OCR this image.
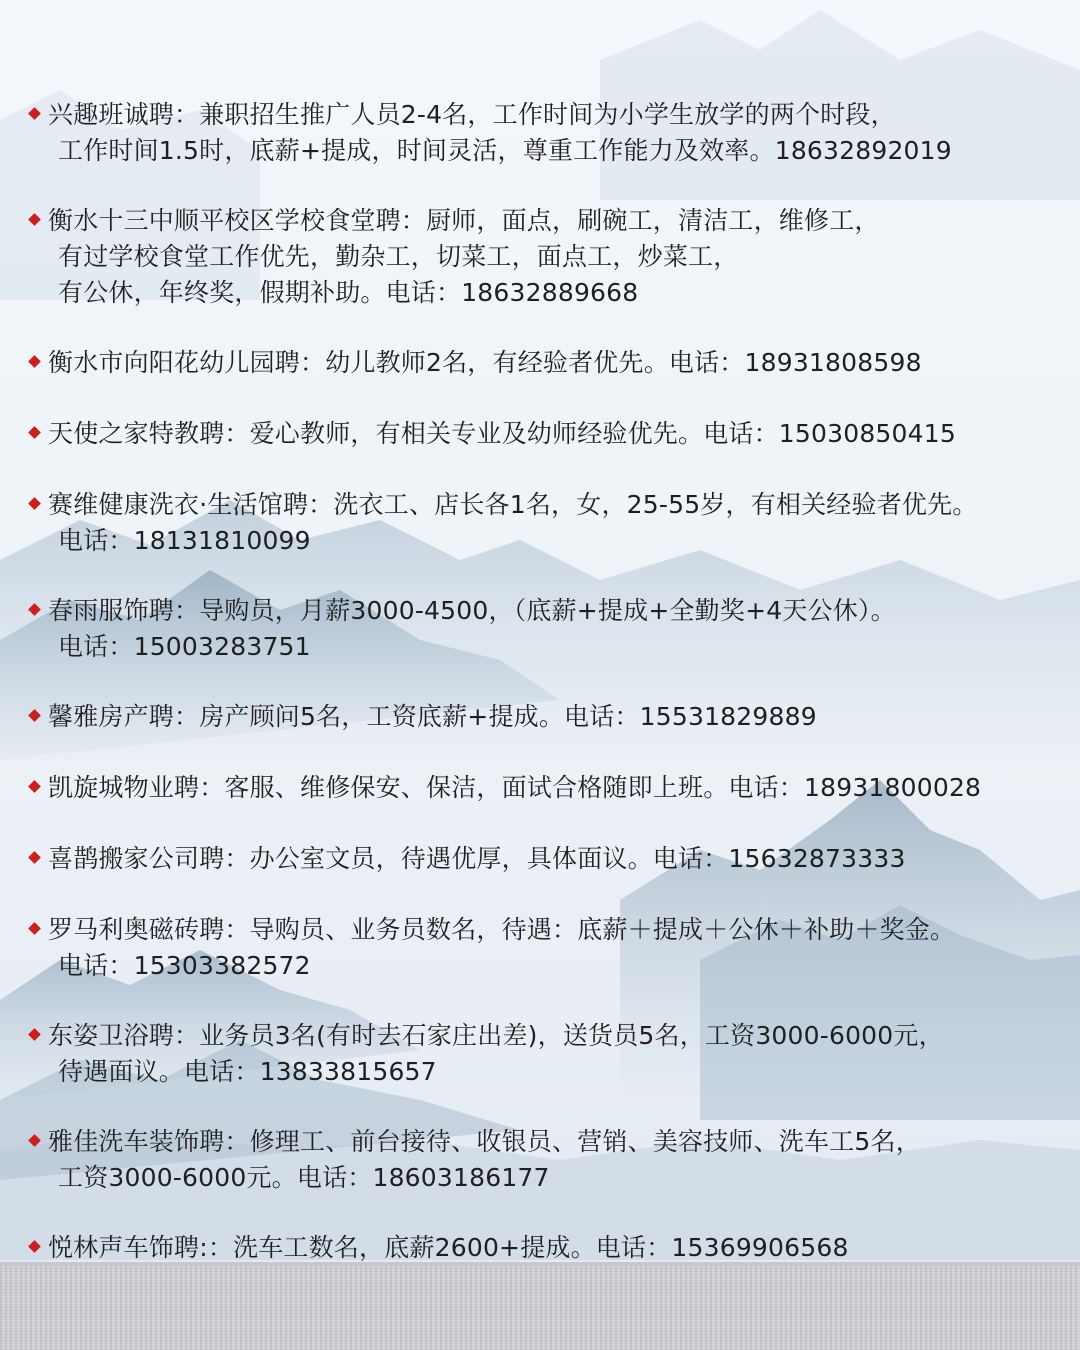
兴趣班诚聘：兼职招生推广人员2-4名，工作时间为小学生放学的两个时段，
工作时间1.5时，底薪+提成，时间灵活，尊重工作能力及效率。18632892019
衡水十三中顺平校区学校食堂聘：厨师，面点，刷碗工，清洁工，维修工，
有过学校食堂工作优先，勤杂工，切菜工，面点工，炒菜工，
有公休，年终奖，假期补助。电话：18632889668
衡水市向阳花幼儿园聘：幼儿教师2名，有经验者优先。电话：18931808598
天使之家特教聘：爱心教师，有相关专业及幼师经验优先。电话：15030850415
赛维健康洗衣·生活馆聘：洗衣工、店长各1名，女，25-55岁，有相关经验者优先。
电话：18131810099
春雨服饰聘：导购员，月薪3000-4500，（底薪+提成+全勤奖+4天公休）。
电话：15003283751
馨雅房产聘：房产顾问5名，工资底薪+提成。电话：15531829889
凯旋城物业聘：客服、维修保安、保洁，面试合格随即上班。电话：18931800028
喜鹊搬家公司聘：办公室文员，待遇优厚，具体面议。电话：15632873333
罗马利奥磁砖聘：导购员、业务员数名，待遇：底薪＋提成＋公休＋补助＋奖金。
电话：15303382572
东姿卫浴聘：业务员3名(有时去石家庄出差)，送货员5名，工资3000-6000元，
待遇面议。电话：13833815657
雅佳洗车装饰聘：修理工、前台接待、收银员、营销、美容技师、洗车工5名，
工资3000-6000元。电话：18603186177
悦林声车饰聘:：洗车工数名，底薪2600+提成。电话：15369906568
